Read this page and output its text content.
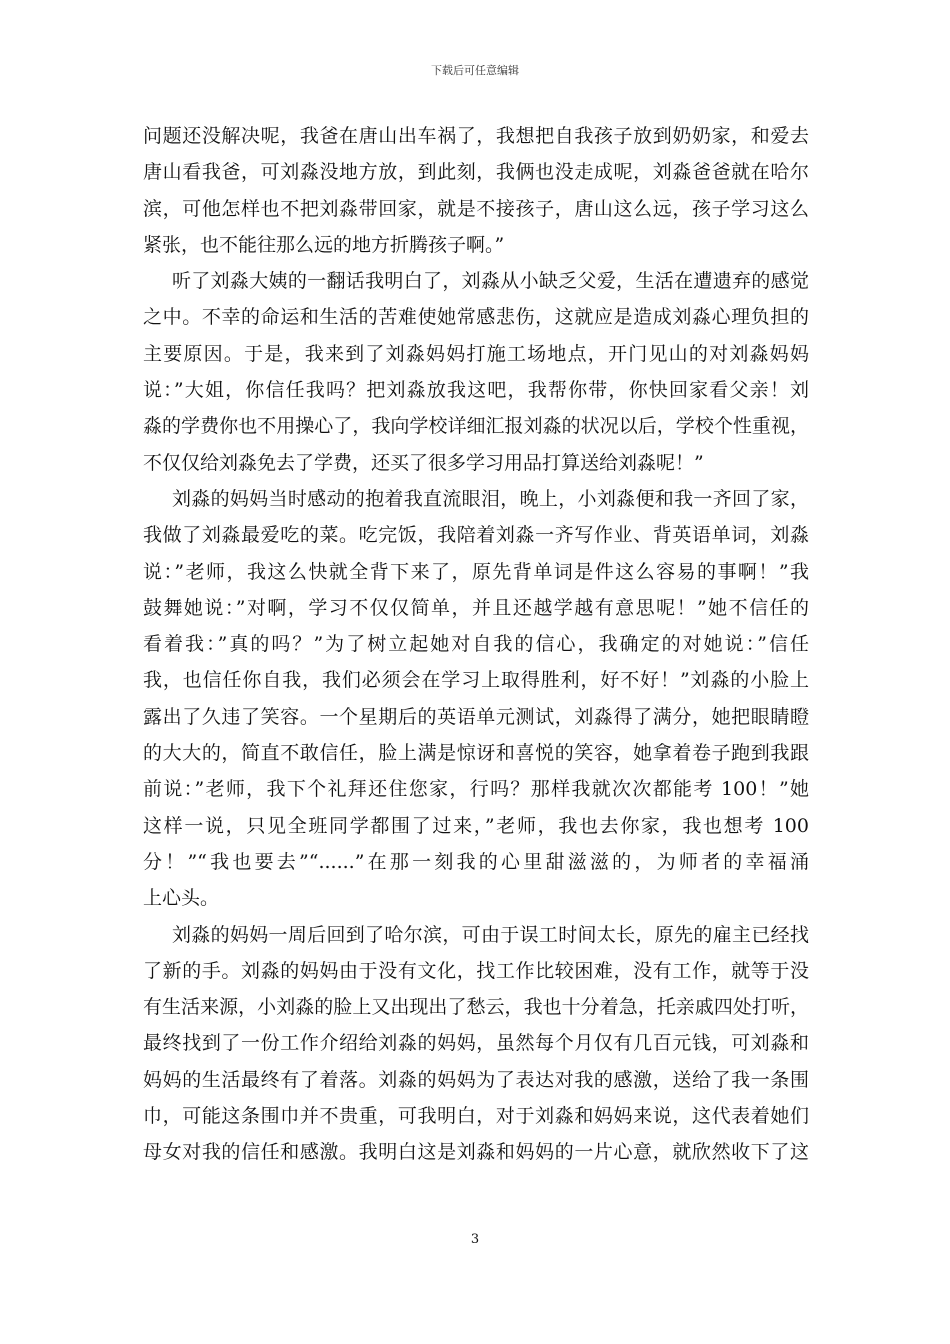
下载后可任意编辑
问题还没解决呢，我爸在唐山出车祸了，我想把自我孩子放到奶奶家，和爱去
唐山看我爸，可刘淼没地方放，到此刻，我俩也没走成呢，刘淼爸爸就在哈尔
滨，可他怎样也不把刘淼带回家，就是不接孩子，唐山这么远，孩子学习这么
紧张，也不能往那么远的地方折腾孩子啊。”
听了刘淼大姨的一翻话我明白了，刘淼从小缺乏父爱，生活在遭遗弃的感觉
之中。不幸的命运和生活的苦难使她常感悲伤，这就应是造成刘淼心理负担的
主要原因。于是，我来到了刘淼妈妈打施工场地点，开门见山的对刘淼妈妈
说：”大姐，你信任我吗？把刘淼放我这吧，我帮你带，你快回家看父亲！刘
淼的学费你也不用操心了，我向学校详细汇报刘淼的状况以后，学校个性重视，
不仅仅给刘淼免去了学费，还买了很多学习用品打算送给刘淼呢！”
刘淼的妈妈当时感动的抱着我直流眼泪，晚上，小刘淼便和我一齐回了家，
我做了刘淼最爱吃的菜。吃完饭，我陪着刘淼一齐写作业、背英语单词，刘淼
说：”老师，我这么快就全背下来了，原先背单词是件这么容易的事啊！”我
鼓舞她说：”对啊，学习不仅仅简单，并且还越学越有意思呢！”她不信任的
看着我：”真的吗？”为了树立起她对自我的信心，我确定的对她说：”信任
我，也信任你自我，我们必须会在学习上取得胜利，好不好！”刘淼的小脸上
露出了久违了笑容。一个星期后的英语单元测试，刘淼得了满分，她把眼睛瞪
的大大的，简直不敢信任，脸上满是惊讶和喜悦的笑容，她拿着卷子跑到我跟
前说：”老师，我下个礼拜还住您家，行吗？那样我就次次都能考 100！”她
这样一说，只见全班同学都围了过来，”老师，我也去你家，我也想考 100
分！”“我也要去”“......”在那一刻我的心里甜滋滋的，为师者的幸福涌
上心头。
刘淼的妈妈一周后回到了哈尔滨，可由于误工时间太长，原先的雇主已经找
了新的手。刘淼的妈妈由于没有文化，找工作比较困难，没有工作，就等于没
有生活来源，小刘淼的脸上又出现出了愁云，我也十分着急，托亲戚四处打听，
最终找到了一份工作介绍给刘淼的妈妈，虽然每个月仅有几百元钱，可刘淼和
妈妈的生活最终有了着落。刘淼的妈妈为了表达对我的感激，送给了我一条围
巾，可能这条围巾并不贵重，可我明白，对于刘淼和妈妈来说，这代表着她们
母女对我的信任和感激。我明白这是刘淼和妈妈的一片心意，就欣然收下了这
3
